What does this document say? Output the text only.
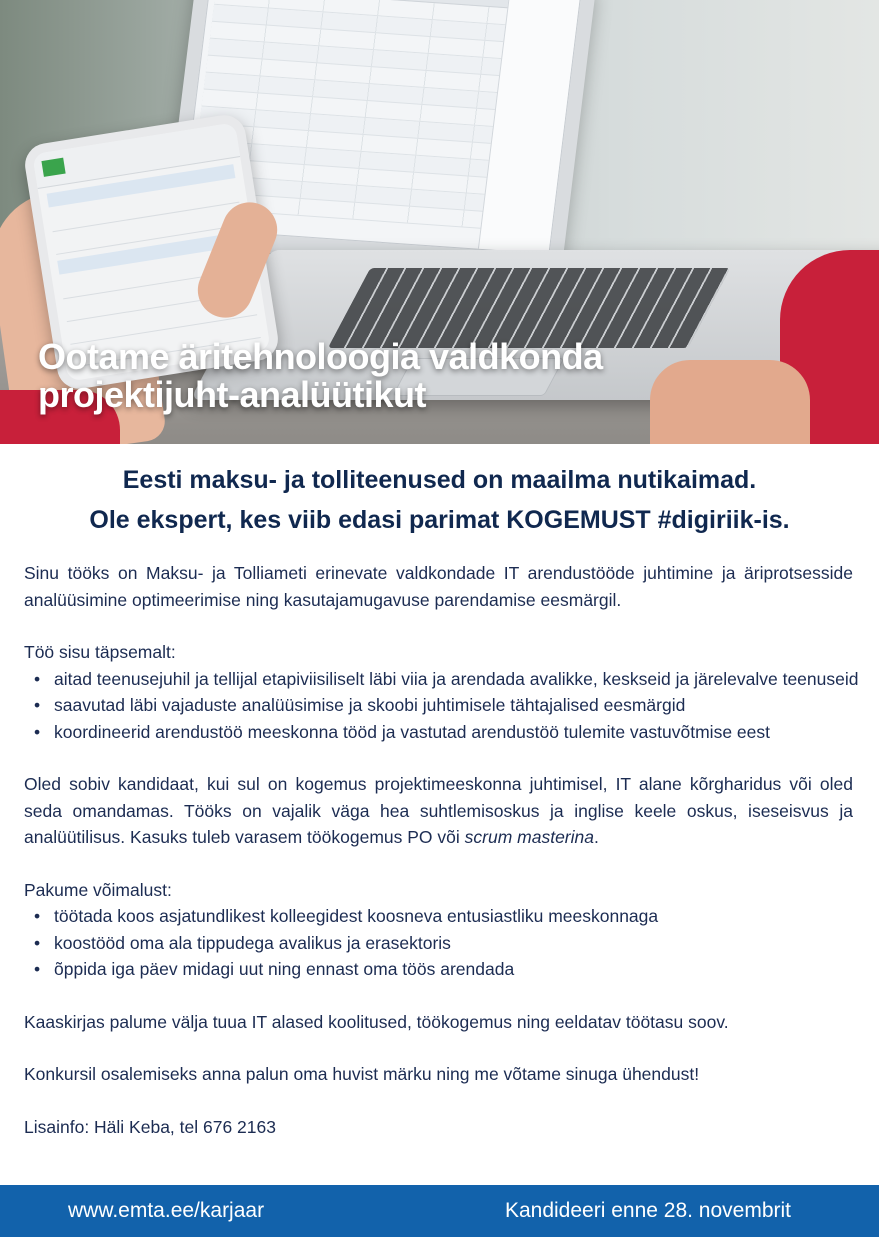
Ootame äritehnoloogia valdkonda
projektijuht-analüütikut
Eesti maksu- ja tolliteenused on maailma nutikaimad.
Ole ekspert, kes viib edasi parimat KOGEMUST #digiriik-is.

Sinu tööks on Maksu- ja Tolliameti erinevate valdkondade IT arendustööde juhtimine ja äriprotsesside analüüsimine optimeerimise ning kasutajamugavuse parendamise eesmärgil.

Töö sisu täpsemalt:

• aitad teenusejuhil ja tellijal etapiviisiliselt läbi viia ja arendada avalikke, keskseid ja järelevalve teenuseid
• saavutad läbi vajaduste analüüsimise ja skoobi juhtimisele tähtajalised eesmärgid
• koordineerid arendustöö meeskonna tööd ja vastutad arendustöö tulemite vastuvõtmise eest

Oled sobiv kandidaat, kui sul on kogemus projektimeeskonna juhtimisel, IT alane kõrgharidus või oled seda omandamas. Tööks on vajalik väga hea suhtlemisoskus ja inglise keele oskus, iseseisvus ja analüütilisus. Kasuks tuleb varasem töökogemus PO või scrum masterina.

Pakume võimalust:

• töötada koos asjatundlikest kolleegidest koosneva entusiastliku meeskonnaga
• koostööd oma ala tippudega avalikus ja erasektoris
• õppida iga päev midagi uut ning ennast oma töös arendada

Kaaskirjas palume välja tuua IT alased koolitused, töökogemus ning eeldatav töötasu soov.

Konkursil osalemiseks anna palun oma huvist märku ning me võtame sinuga ühendust!

Lisainfo: Häli Keba, tel 676 2163

www.emta.ee/karjaar	Kandideeri enne 28. novembrit
